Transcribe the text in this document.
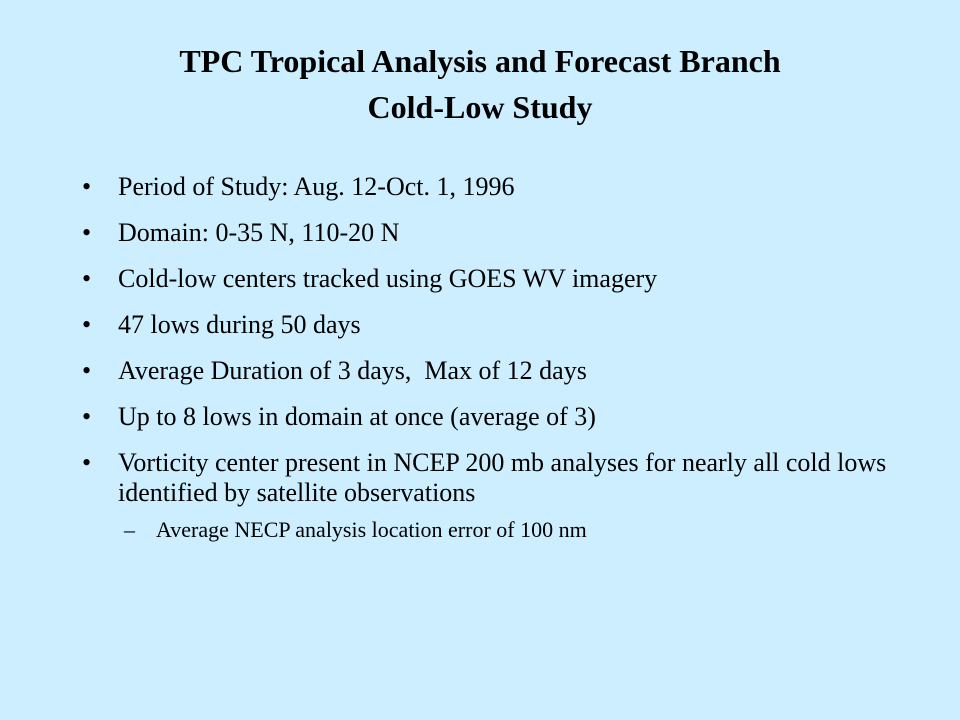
TPC Tropical Analysis and Forecast Branch

Cold-Low Study

•	Period of Study: Aug. 12-Oct. 1, 1996
•	Domain: 0-35 N, 110-20 N
•	Cold-low centers tracked using GOES WV imagery
•	47 lows during 50 days
•	Average Duration of 3 days,  Max of 12 days
•	Up to 8 lows in domain at once (average of 3)
•	Vorticity center present in NCEP 200 mb analyses for nearly all cold lows identified by satellite observations
– Average NECP analysis location error of 100 nm
